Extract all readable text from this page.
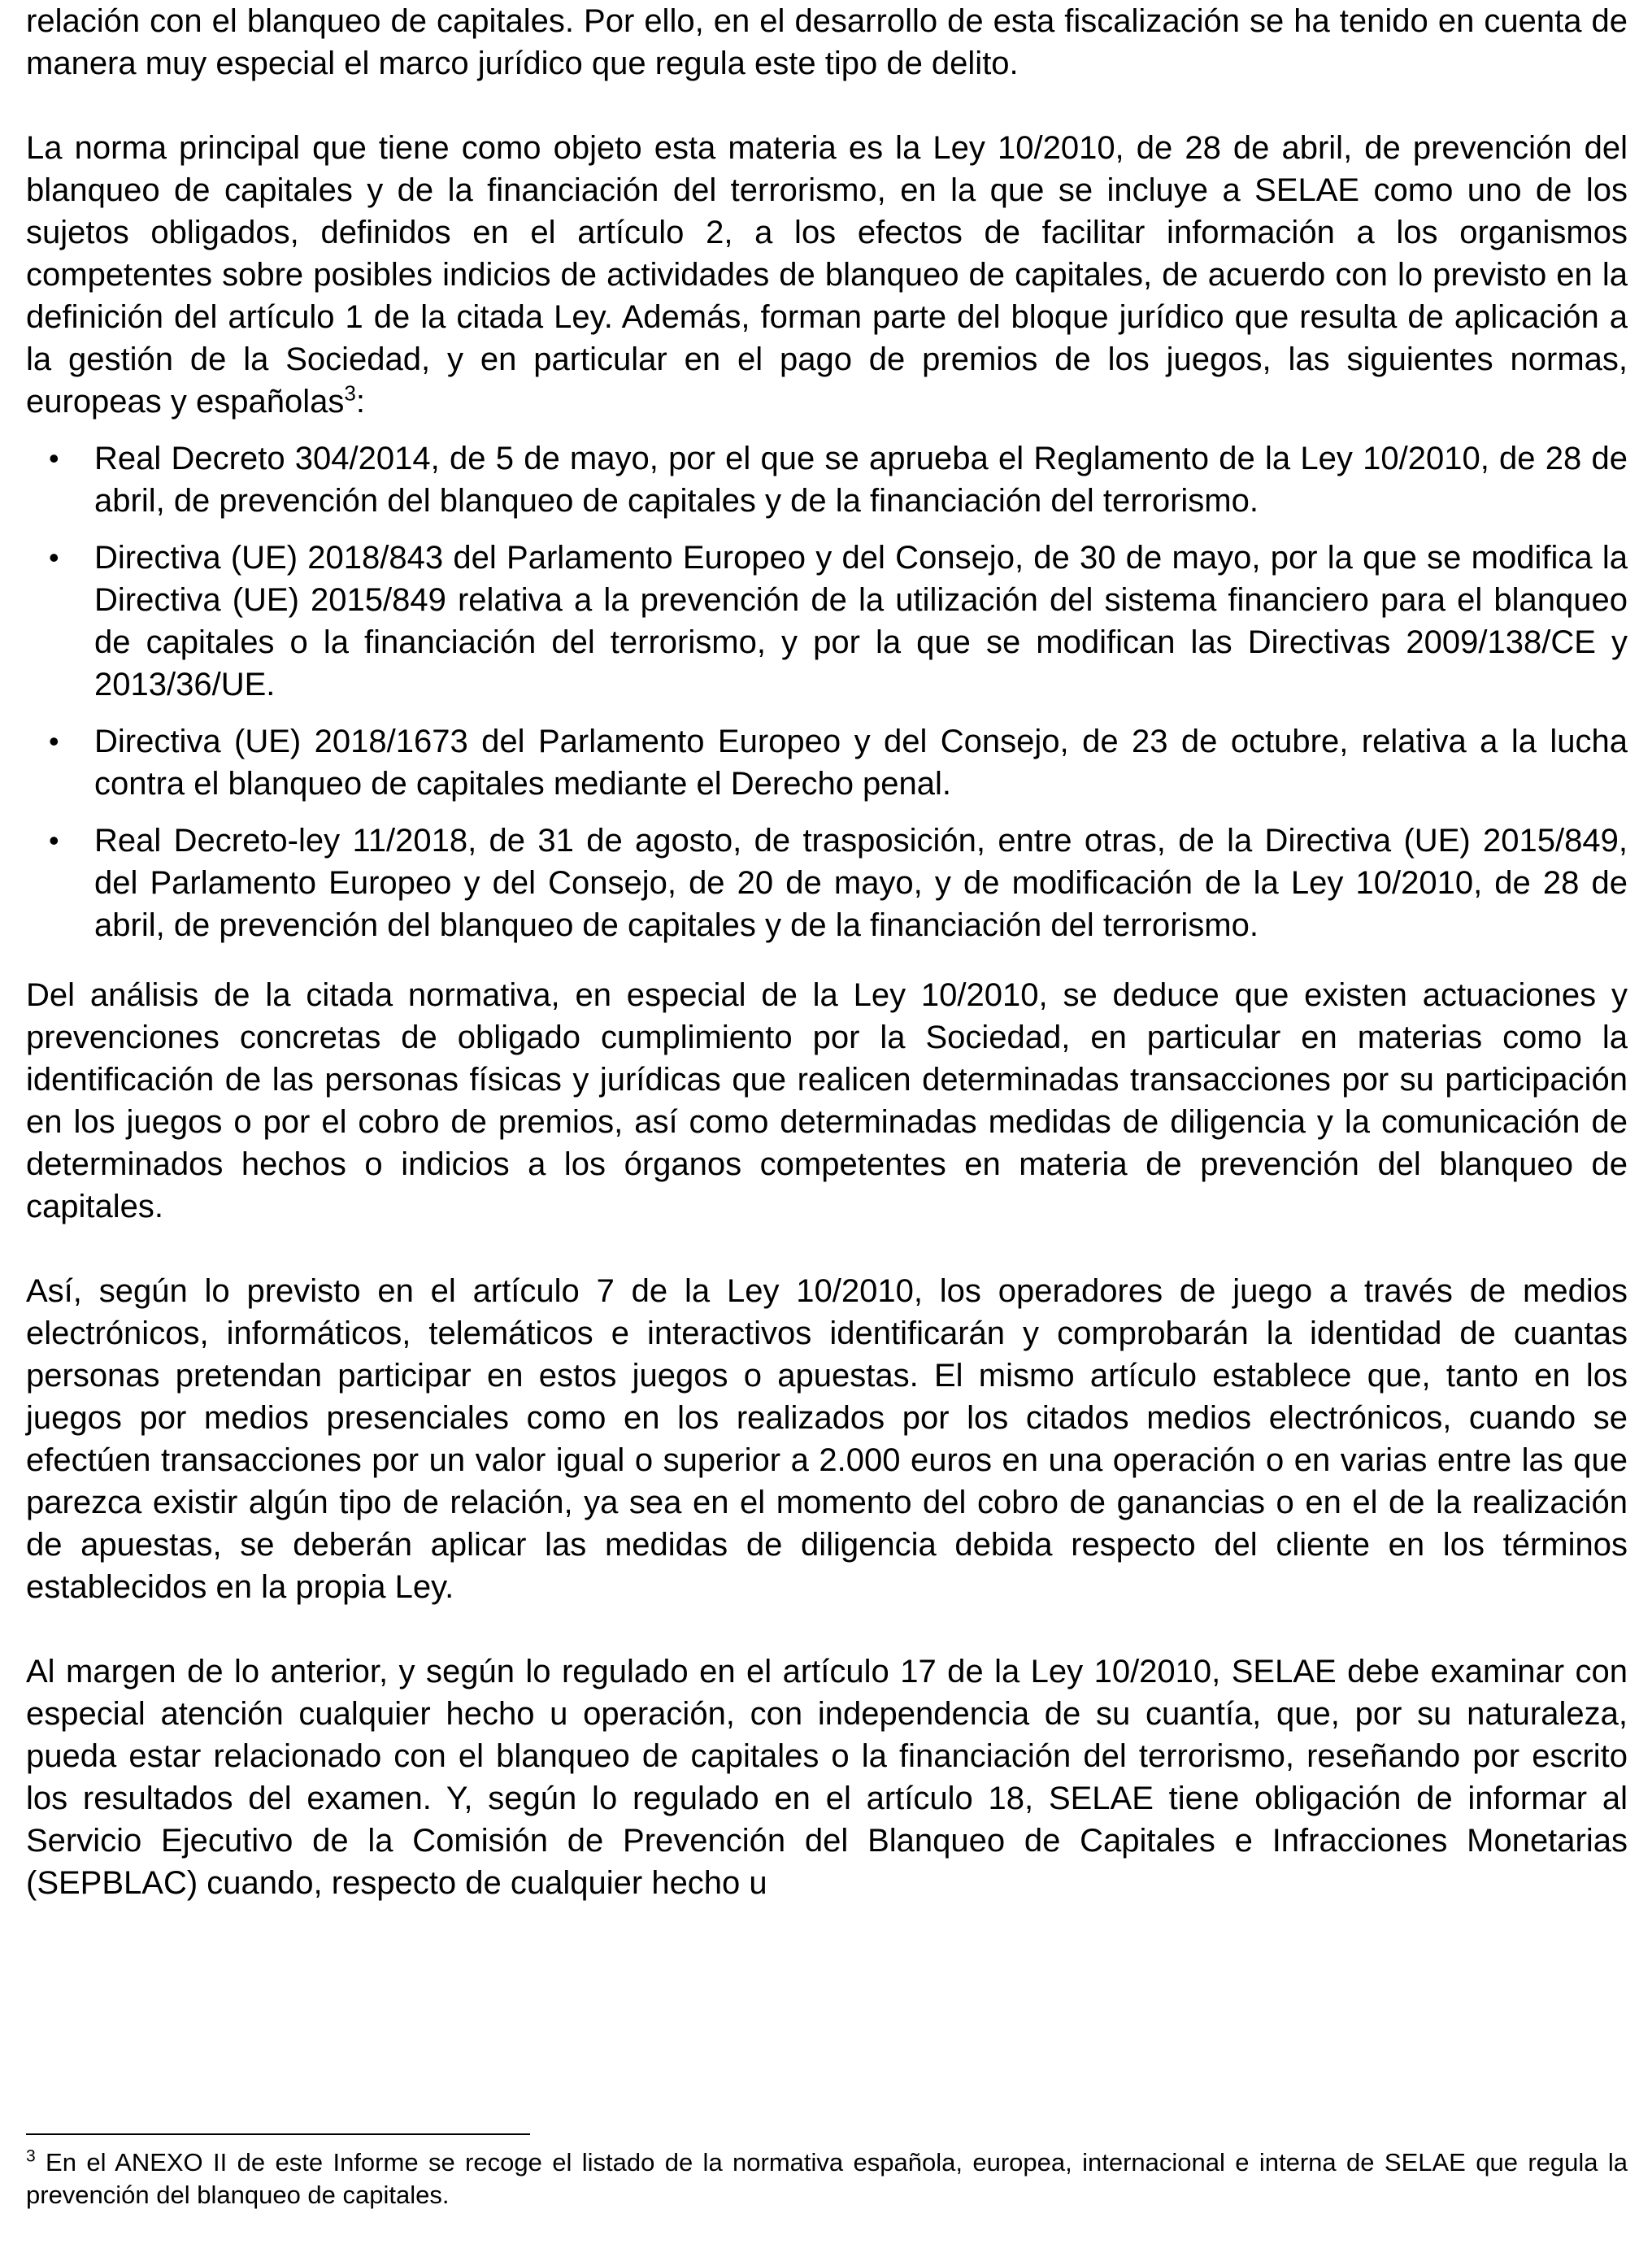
relación con el blanqueo de capitales. Por ello, en el desarrollo de esta fiscalización se ha tenido en cuenta de manera muy especial el marco jurídico que regula este tipo de delito.

La norma principal que tiene como objeto esta materia es la Ley 10/2010, de 28 de abril, de prevención del blanqueo de capitales y de la financiación del terrorismo, en la que se incluye a SELAE como uno de los sujetos obligados, definidos en el artículo 2, a los efectos de facilitar información a los organismos competentes sobre posibles indicios de actividades de blanqueo de capitales, de acuerdo con lo previsto en la definición del artículo 1 de la citada Ley. Además, forman parte del bloque jurídico que resulta de aplicación a la gestión de la Sociedad, y en particular en el pago de premios de los juegos, las siguientes normas, europeas y españolas$^3$:

• Real Decreto 304/2014, de 5 de mayo, por el que se aprueba el Reglamento de la Ley 10/2010, de 28 de abril, de prevención del blanqueo de capitales y de la financiación del terrorismo.
• Directiva (UE) 2018/843 del Parlamento Europeo y del Consejo, de 30 de mayo, por la que se modifica la Directiva (UE) 2015/849 relativa a la prevención de la utilización del sistema financiero para el blanqueo de capitales o la financiación del terrorismo, y por la que se modifican las Directivas 2009/138/CE y 2013/36/UE.
• Directiva (UE) 2018/1673 del Parlamento Europeo y del Consejo, de 23 de octubre, relativa a la lucha contra el blanqueo de capitales mediante el Derecho penal.
• Real Decreto-ley 11/2018, de 31 de agosto, de trasposición, entre otras, de la Directiva (UE) 2015/849, del Parlamento Europeo y del Consejo, de 20 de mayo, y de modificación de la Ley 10/2010, de 28 de abril, de prevención del blanqueo de capitales y de la financiación del terrorismo.

Del análisis de la citada normativa, en especial de la Ley 10/2010, se deduce que existen actuaciones y prevenciones concretas de obligado cumplimiento por la Sociedad, en particular en materias como la identificación de las personas físicas y jurídicas que realicen determinadas transacciones por su participación en los juegos o por el cobro de premios, así como determinadas medidas de diligencia y la comunicación de determinados hechos o indicios a los órganos competentes en materia de prevención del blanqueo de capitales.

Así, según lo previsto en el artículo 7 de la Ley 10/2010, los operadores de juego a través de medios electrónicos, informáticos, telemáticos e interactivos identificarán y comprobarán la identidad de cuantas personas pretendan participar en estos juegos o apuestas. El mismo artículo establece que, tanto en los juegos por medios presenciales como en los realizados por los citados medios electrónicos, cuando se efectúen transacciones por un valor igual o superior a 2.000 euros en una operación o en varias entre las que parezca existir algún tipo de relación, ya sea en el momento del cobro de ganancias o en el de la realización de apuestas, se deberán aplicar las medidas de diligencia debida respecto del cliente en los términos establecidos en la propia Ley.

Al margen de lo anterior, y según lo regulado en el artículo 17 de la Ley 10/2010, SELAE debe examinar con especial atención cualquier hecho u operación, con independencia de su cuantía, que, por su naturaleza, pueda estar relacionado con el blanqueo de capitales o la financiación del terrorismo, reseñando por escrito los resultados del examen. Y, según lo regulado en el artículo 18, SELAE tiene obligación de informar al Servicio Ejecutivo de la Comisión de Prevención del Blanqueo de Capitales e Infracciones Monetarias (SEPBLAC) cuando, respecto de cualquier hecho u

$^3$ En el ANEXO II de este Informe se recoge el listado de la normativa española, europea, internacional e interna de SELAE que regula la prevención del blanqueo de capitales.
